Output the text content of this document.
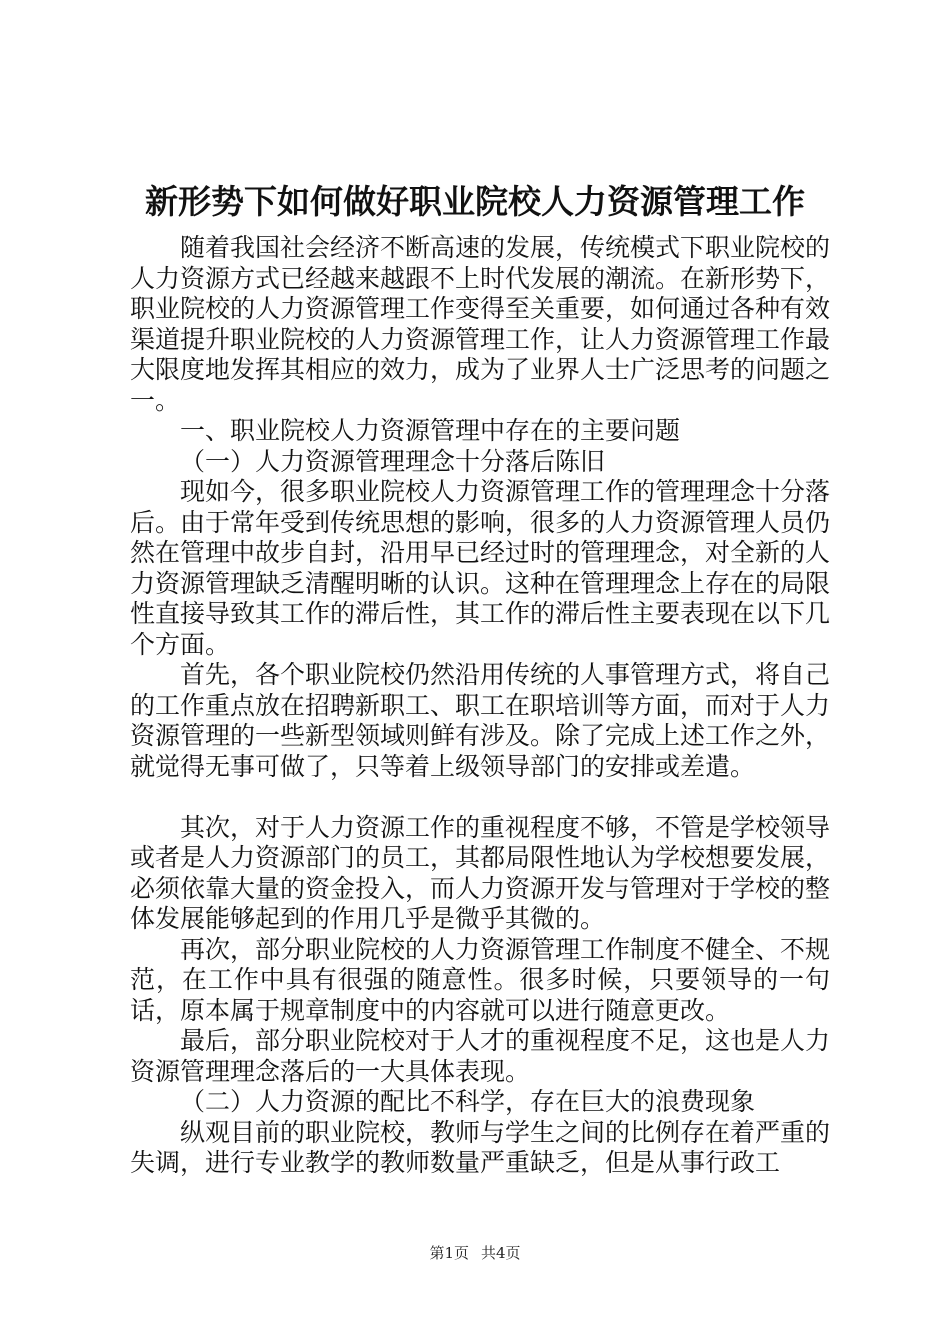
新形势下如何做好职业院校人力资源管理工作

随着我国社会经济不断高速的发展，传统模式下职业院校的人力资源方式已经越来越跟不上时代发展的潮流。在新形势下，职业院校的人力资源管理工作变得至关重要，如何通过各种有效渠道提升职业院校的人力资源管理工作，让人力资源管理工作最大限度地发挥其相应的效力，成为了业界人士广泛思考的问题之一。

一、职业院校人力资源管理中存在的主要问题

（一）人力资源管理理念十分落后陈旧

现如今，很多职业院校人力资源管理工作的管理理念十分落后。由于常年受到传统思想的影响，很多的人力资源管理人员仍然在管理中故步自封，沿用早已经过时的管理理念，对全新的人力资源管理缺乏清醒明晰的认识。这种在管理理念上存在的局限性直接导致其工作的滞后性，其工作的滞后性主要表现在以下几个方面。

首先，各个职业院校仍然沿用传统的人事管理方式，将自己的工作重点放在招聘新职工、职工在职培训等方面，而对于人力资源管理的一些新型领域则鲜有涉及。除了完成上述工作之外，就觉得无事可做了，只等着上级领导部门的安排或差遣。

其次，对于人力资源工作的重视程度不够，不管是学校领导或者是人力资源部门的员工，其都局限性地认为学校想要发展，必须依靠大量的资金投入，而人力资源开发与管理对于学校的整体发展能够起到的作用几乎是微乎其微的。

再次，部分职业院校的人力资源管理工作制度不健全、不规范，在工作中具有很强的随意性。很多时候，只要领导的一句话，原本属于规章制度中的内容就可以进行随意更改。

最后，部分职业院校对于人才的重视程度不足，这也是人力资源管理理念落后的一大具体表现。

（二）人力资源的配比不科学，存在巨大的浪费现象

纵观目前的职业院校，教师与学生之间的比例存在着严重的失调，进行专业教学的教师数量严重缺乏，但是从事行政工

第1页 共4页
